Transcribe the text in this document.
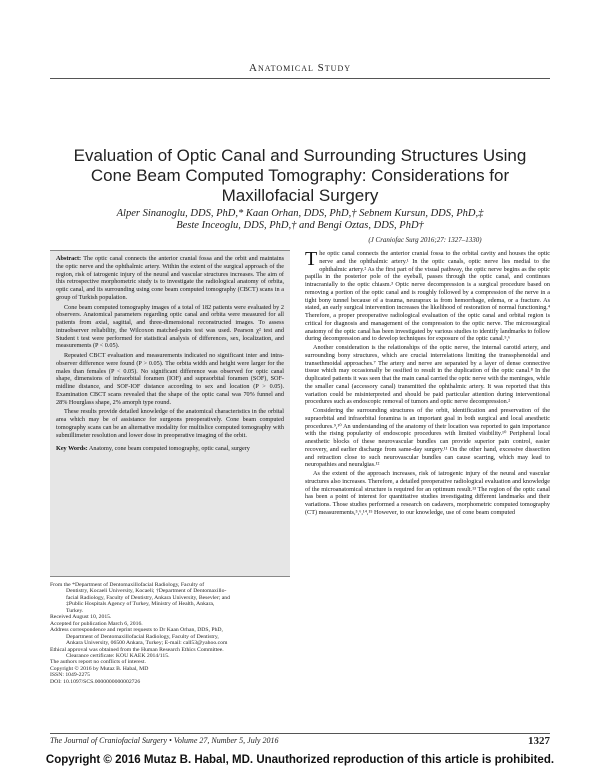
Anatomical Study
Evaluation of Optic Canal and Surrounding Structures Using Cone Beam Computed Tomography: Considerations for Maxillofacial Surgery
Alper Sinanoglu, DDS, PhD,* Kaan Orhan, DDS, PhD,† Sebnem Kursun, DDS, PhD,‡
Beste Inceoglu, DDS, PhD,† and Bengi Oztas, DDS, PhD†

Abstract: The optic canal connects the anterior cranial fossa and the orbit and maintains the optic nerve and the ophthalmic artery. Within the extent of the surgical approach of the region, risk of iatrogenic injury of the neural and vascular structures increases. The aim of this retrospective morphometric study is to investigate the radiological anatomy of orbita, optic canal, and its surrounding using cone beam computed tomography (CBCT) scans in a group of Turkish population.

Cone beam computed tomography images of a total of 182 patients were evaluated by 2 observers. Anatomical parameters regarding optic canal and orbita were measured for all patients from axial, sagittal, and three-dimensional reconstructed images. To assess intraobserver reliability, the Wilcoxon matched-pairs test was used. Pearson χ² test and Student t test were performed for statistical analysis of differences, sex, localization, and measurements (P < 0.05).

Repeated CBCT evaluation and measurements indicated no significant inter and intra-observer difference were found (P > 0.05). The orbita width and height were larger for the males than females (P < 0.05). No significant difference was observed for optic canal shape, dimensions of infraorbital foramen (IOF) and supraorbital foramen (SOF), SOF-midline distance, and SOF-IOF distance according to sex and location (P > 0.05). Examination CBCT scans revealed that the shape of the optic canal was 70% funnel and 28% Hourglass shape, 2% amorph type round.

These results provide detailed knowledge of the anatomical characteristics in the orbital area which may be of assistance for surgeons preoperatively. Cone beam computed tomography scans can be an alternative modality for multislice computed tomography with submillimeter resolution and lower dose in preoperative imaging of the orbit.

Key Words: Anatomy, cone beam computed tomography, optic canal, surgery

From the *Department of Dentomaxillofacial Radiology, Faculty of

Dentistry, Kocaeli University, Kocaeli; †Department of Dentomaxillo-

facial Radiology, Faculty of Dentistry, Ankara University, Besevler; and

‡Public Hospitals Agency of Turkey, Ministry of Health, Ankara,

Turkey.

Received August 10, 2015.

Accepted for publication March 6, 2016.

Address correspondence and reprint requests to Dr Kaan Orhan, DDS, PhD,

Department of Dentomaxillofacial Radiology, Faculty of Dentistry,

Ankara University, 06500 Ankara, Turkey; E-mail: call53@yahoo.com

Ethical approval was obtained from the Human Research Ethics Committee.

Clearance certificate: KOU KAEK 2014/115.

The authors report no conflicts of interest.

Copyright © 2016 by Mutaz B. Habal, MD

ISSN: 1049-2275

DOI: 10.1097/SCS.0000000000002726

(J Craniofac Surg 2016;27: 1327–1330)

The optic canal connects the anterior cranial fossa to the orbital cavity and houses the optic nerve and the ophthalmic artery.¹ In the optic canals, optic nerve lies medial to the ophthalmic artery.² As the first part of the visual pathway, the optic nerve begins as the optic papilla in the posterior pole of the eyeball, passes through the optic canal, and continues intracranially to the optic chiasm.³ Optic nerve decompression is a surgical procedure based on removing a portion of the optic canal and is roughly followed by a compression of the nerve in a tight bony tunnel because of a trauma, neuraprax ia from hemorrhage, edema, or a fracture. As stated, an early surgical intervention increases the likelihood of restoration of normal functioning.⁴ Therefore, a proper preoperative radiological evaluation of the optic canal and orbital region is critical for diagnosis and management of the compression to the optic nerve. The microsurgical anatomy of the optic canal has been investigated by various studies to identify landmarks to follow during decompression and to develop techniques for exposure of the optic canal.⁵,⁶

Another consideration is the relationships of the optic nerve, the internal carotid artery, and surrounding bony structures, which are crucial interrelations limiting the transsphenoidal and transethmoidal approaches.⁷ The artery and nerve are separated by a layer of dense connective tissue which may occasionally be ossified to result in the duplication of the optic canal.⁸ In the duplicated patients it was seen that the main canal carried the optic nerve with the meninges, while the smaller canal (accessory canal) transmitted the ophthalmic artery. It was reported that this variation could be misinterpreted and should be paid particular attention during interventional procedures such as endoscopic removal of tumors and optic nerve decompression.²

Considering the surrounding structures of the orbit, identification and preservation of the supraorbital and infraorbital foramina is an important goal in both surgical and local anesthetic procedures.⁹,¹⁰ An understanding of the anatomy of their location was reported to gain importance with the rising popularity of endoscopic procedures with limited visibility.¹⁰ Peripheral local anesthetic blocks of these neurovascular bundles can provide superior pain control, easier recovery, and earlier discharge from same-day surgery.¹¹ On the other hand, excessive dissection and retraction close to such neurovascular bundles can cause scarring, which may lead to neuropathies and neuralgias.¹²

As the extent of the approach increases, risk of iatrogenic injury of the neural and vascular structures also increases. Therefore, a detailed preoperative radiological evaluation and knowledge of the microanatomical structure is required for an optimum result.¹³ The region of the optic canal has been a point of interest for quantitative studies investigating different landmarks and their variations. Those studies performed a research on cadavers, morphometric computed tomography (CT) measurements,⁵,⁶,¹⁴,¹⁵ However, to our knowledge, use of cone beam computed

The Journal of Craniofacial Surgery • Volume 27, Number 5, July 2016	1327
Copyright © 2016 Mutaz B. Habal, MD. Unauthorized reproduction of this article is prohibited.
